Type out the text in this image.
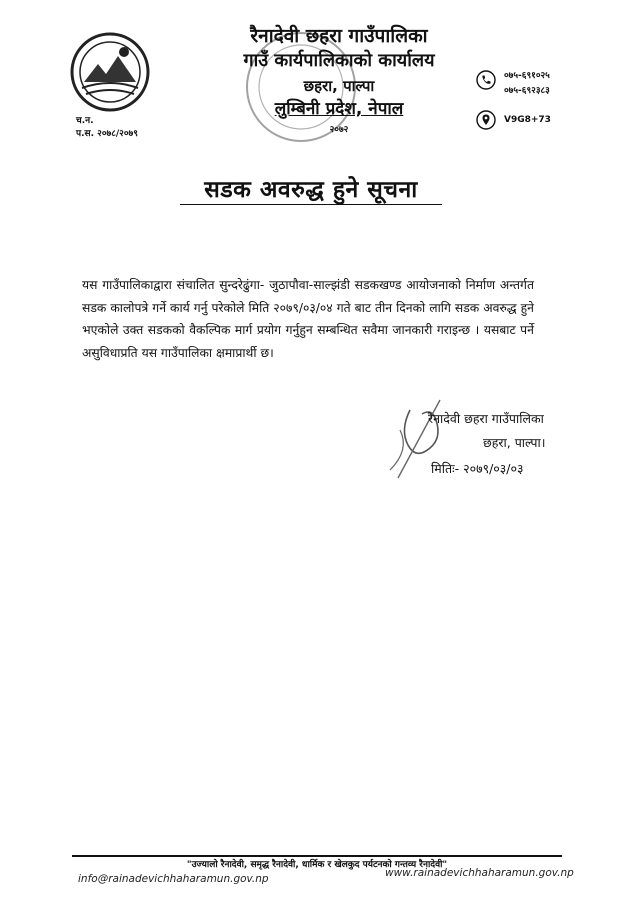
रैनादेवी छहरा गाउँपालिका
गाउँ कार्यपालिकाको कार्यालय
छहरा, पाल्पा
लुम्बिनी प्रदेश, नेपाल
२०७२
च.न.
प.स. २०७८/२०७९
०७५-६९१०२५
०७५-६९२३८३
V9G8+73
सडक अवरुद्ध हुने सूचना
यस गाउँपालिकाद्वारा संचालित सुन्दरेढुंगा- जुठापौवा-साल्झंडी सडकखण्ड आयोजनाको निर्माण अन्तर्गत सडक कालोपत्रे गर्ने कार्य गर्नु परेकोले मिति २०७९/०३/०४ गते बाट तीन दिनको लागि सडक अवरुद्ध हुने भएकोले उक्त सडकको वैकल्पिक मार्ग प्रयोग गर्नुहुन सम्बन्धित सवैमा जानकारी गराइन्छ । यसबाट पर्ने असुविधाप्रति यस गाउँपालिका क्षमाप्रार्थी छ।
रैनादेवी छहरा गाउँपालिका
छहरा, पाल्पा।
मितिः- २०७९/०३/०३
"उज्यालो रैनादेवी, समृद्ध रैनादेवी, धार्मिक र खेलकुद पर्यटनको गन्तव्य रैनादेवी"
info@rainadevichhaharamun.gov.np	www.rainadevichhaharamun.gov.np
